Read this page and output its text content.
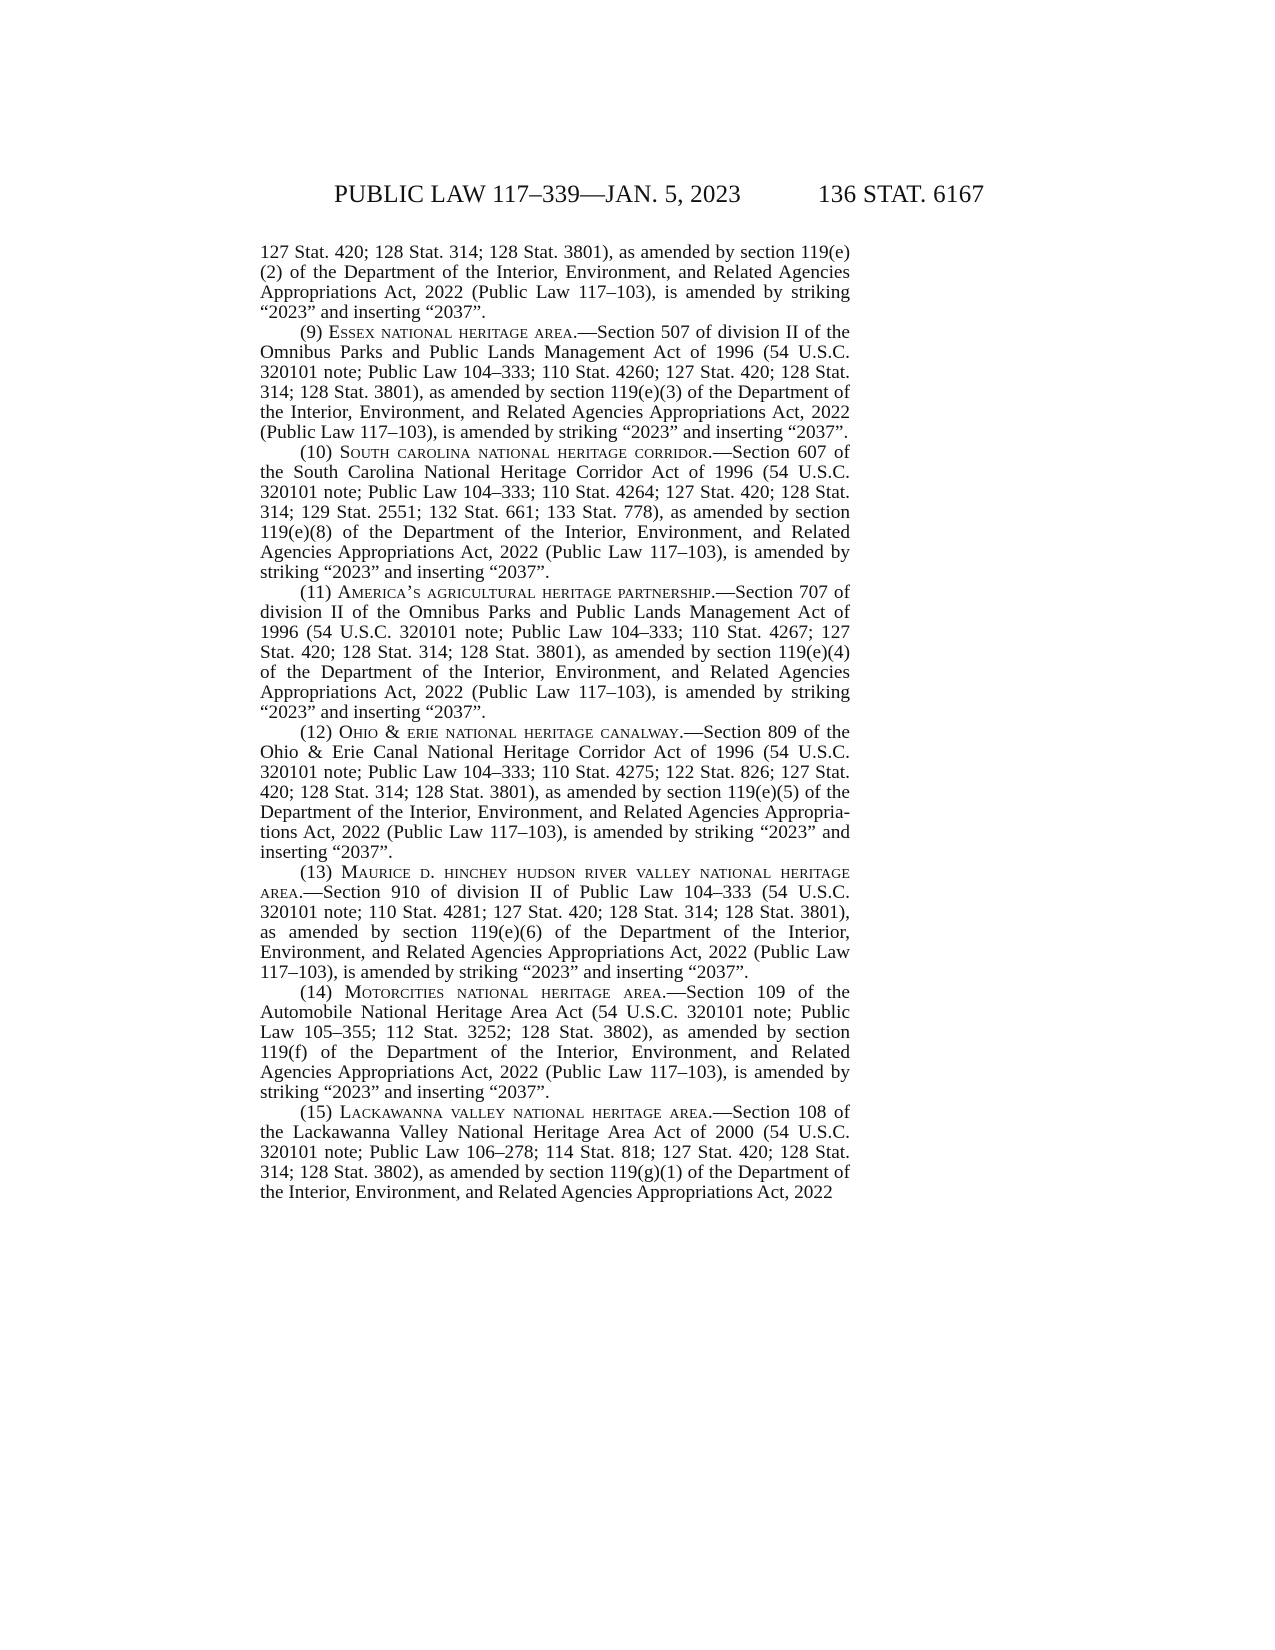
PUBLIC LAW 117–339—JAN. 5, 2023	136 STAT. 6167

127 Stat. 420; 128 Stat. 314; 128 Stat. 3801), as amended by section 119(e)(2) of the Department of the Interior, Environment, and Related Agencies Appropriations Act, 2022 (Public Law 117–103), is amended by striking “2023” and inserting “2037”.

(9) Essex national heritage area.—Section 507 of division II of the Omnibus Parks and Public Lands Management Act of 1996 (54 U.S.C. 320101 note; Public Law 104–333; 110 Stat. 4260; 127 Stat. 420; 128 Stat. 314; 128 Stat. 3801), as amended by section 119(e)(3) of the Department of the Interior, Environment, and Related Agencies Appropriations Act, 2022 (Public Law 117–103), is amended by striking “2023” and inserting “2037”.

(10) South carolina national heritage corridor.—Section 607 of the South Carolina National Heritage Corridor Act of 1996 (54 U.S.C. 320101 note; Public Law 104–333; 110 Stat. 4264; 127 Stat. 420; 128 Stat. 314; 129 Stat. 2551; 132 Stat. 661; 133 Stat. 778), as amended by section 119(e)(8) of the Department of the Interior, Environment, and Related Agencies Appropriations Act, 2022 (Public Law 117–103), is amended by striking “2023” and inserting “2037”.

(11) America’s agricultural heritage partnership.—Section 707 of division II of the Omnibus Parks and Public Lands Management Act of 1996 (54 U.S.C. 320101 note; Public Law 104–333; 110 Stat. 4267; 127 Stat. 420; 128 Stat. 314; 128 Stat. 3801), as amended by section 119(e)(4) of the Department of the Interior, Environment, and Related Agencies Appropriations Act, 2022 (Public Law 117–103), is amended by striking “2023” and inserting “2037”.

(12) Ohio & erie national heritage canalway.—Section 809 of the Ohio & Erie Canal National Heritage Corridor Act of 1996 (54 U.S.C. 320101 note; Public Law 104–333; 110 Stat. 4275; 122 Stat. 826; 127 Stat. 420; 128 Stat. 314; 128 Stat. 3801), as amended by section 119(e)(5) of the Department of the Interior, Environment, and Related Agencies Appropriations Act, 2022 (Public Law 117–103), is amended by striking “2023” and inserting “2037”.

(13) Maurice d. hinchey hudson river valley national heritage area.—Section 910 of division II of Public Law 104–333 (54 U.S.C. 320101 note; 110 Stat. 4281; 127 Stat. 420; 128 Stat. 314; 128 Stat. 3801), as amended by section 119(e)(6) of the Department of the Interior, Environment, and Related Agencies Appropriations Act, 2022 (Public Law 117–103), is amended by striking “2023” and inserting “2037”.

(14) Motorcities national heritage area.—Section 109 of the Automobile National Heritage Area Act (54 U.S.C. 320101 note; Public Law 105–355; 112 Stat. 3252; 128 Stat. 3802), as amended by section 119(f) of the Department of the Interior, Environment, and Related Agencies Appropriations Act, 2022 (Public Law 117–103), is amended by striking “2023” and inserting “2037”.

(15) Lackawanna valley national heritage area.—Section 108 of the Lackawanna Valley National Heritage Area Act of 2000 (54 U.S.C. 320101 note; Public Law 106–278; 114 Stat. 818; 127 Stat. 420; 128 Stat. 314; 128 Stat. 3802), as amended by section 119(g)(1) of the Department of the Interior, Environment, and Related Agencies Appropriations Act, 2022
